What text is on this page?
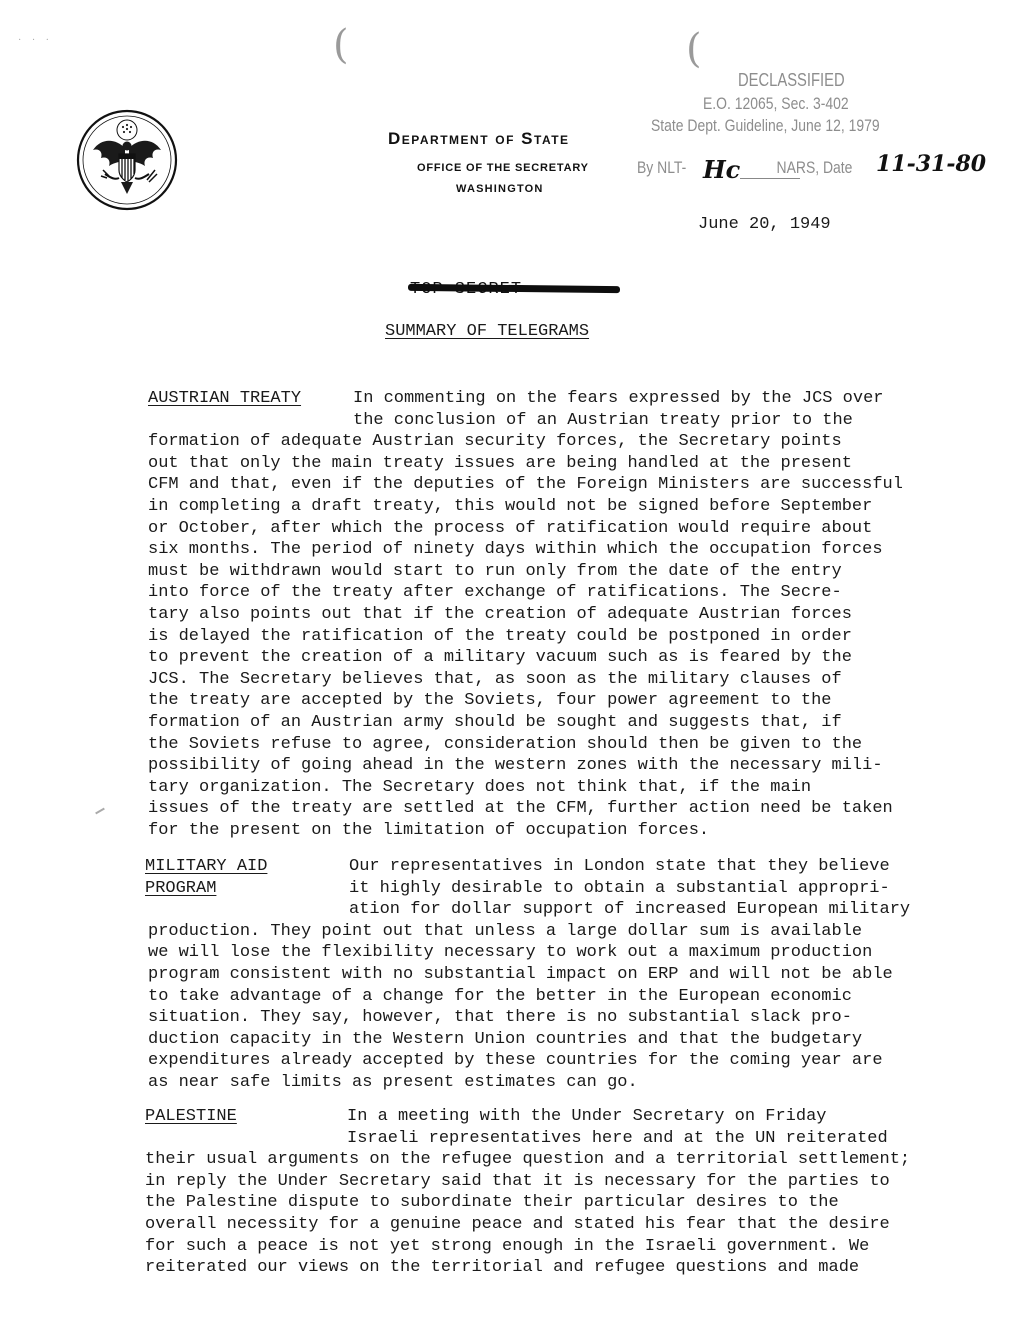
· · ·	(	(
Department of State
OFFICE OF THE SECRETARY
WASHINGTON
DECLASSIFIED
E.O. 12065, Sec. 3-402
State Dept. Guideline, June 12, 1979
By NLT-	NARS, Date
Hc	11-31-80
June 20, 1949
SUMMARY OF TELEGRAMS
AUSTRIAN TREATY	In commenting on the fears expressed by the JCS over
the conclusion of an Austrian treaty prior to the
formation of adequate Austrian security forces, the Secretary points
out that only the main treaty issues are being handled at the present
CFM and that, even if the deputies of the Foreign Ministers are successful
in completing a draft treaty, this would not be signed before September
or October, after which the process of ratification would require about
six months. The period of ninety days within which the occupation forces
must be withdrawn would start to run only from the date of the entry
into force of the treaty after exchange of ratifications. The Secre-
tary also points out that if the creation of adequate Austrian forces
is delayed the ratification of the treaty could be postponed in order
to prevent the creation of a military vacuum such as is feared by the
JCS. The Secretary believes that, as soon as the military clauses of
the treaty are accepted by the Soviets, four power agreement to the
formation of an Austrian army should be sought and suggests that, if
the Soviets refuse to agree, consideration should then be given to the
possibility of going ahead in the western zones with the necessary mili-
tary organization. The Secretary does not think that, if the main
issues of the treaty are settled at the CFM, further action need be taken
for the present on the limitation of occupation forces.
MILITARY AID
PROGRAM
Our representatives in London state that they believe
it highly desirable to obtain a substantial appropri-
ation for dollar support of increased European military
production. They point out that unless a large dollar sum is available
we will lose the flexibility necessary to work out a maximum production
program consistent with no substantial impact on ERP and will not be able
to take advantage of a change for the better in the European economic
situation. They say, however, that there is no substantial slack pro-
duction capacity in the Western Union countries and that the budgetary
expenditures already accepted by these countries for the coming year are
as near safe limits as present estimates can go.
PALESTINE	In a meeting with the Under Secretary on Friday
Israeli representatives here and at the UN reiterated
their usual arguments on the refugee question and a territorial settlement;
in reply the Under Secretary said that it is necessary for the parties to
the Palestine dispute to subordinate their particular desires to the
overall necessity for a genuine peace and stated his fear that the desire
for such a peace is not yet strong enough in the Israeli government. We
reiterated our views on the territorial and refugee questions and made
